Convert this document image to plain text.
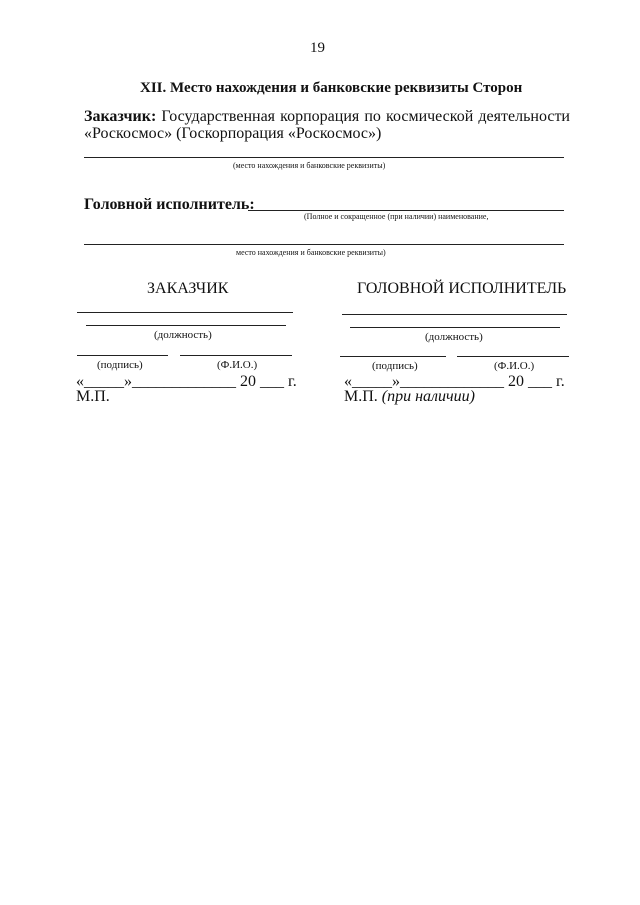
19
XII. Место нахождения и банковские реквизиты Сторон
Заказчик: Государственная корпорация по космической деятельности
«Роскосмос» (Госкорпорация «Роскосмос»)
(место нахождения и банковские реквизиты)
Головной исполнитель:
(Полное и сокращенное (при наличии) наименование,
место нахождения и банковские реквизиты)
ЗАКАЗЧИК
(должность)
(подпись)	(Ф.И.О.)
«_____»_____________ 20 ___ г.
М.П.
ГОЛОВНОЙ ИСПОЛНИТЕЛЬ
(должность)
(подпись)	(Ф.И.О.)
«_____»_____________ 20 ___ г.
М.П. (при наличии)
